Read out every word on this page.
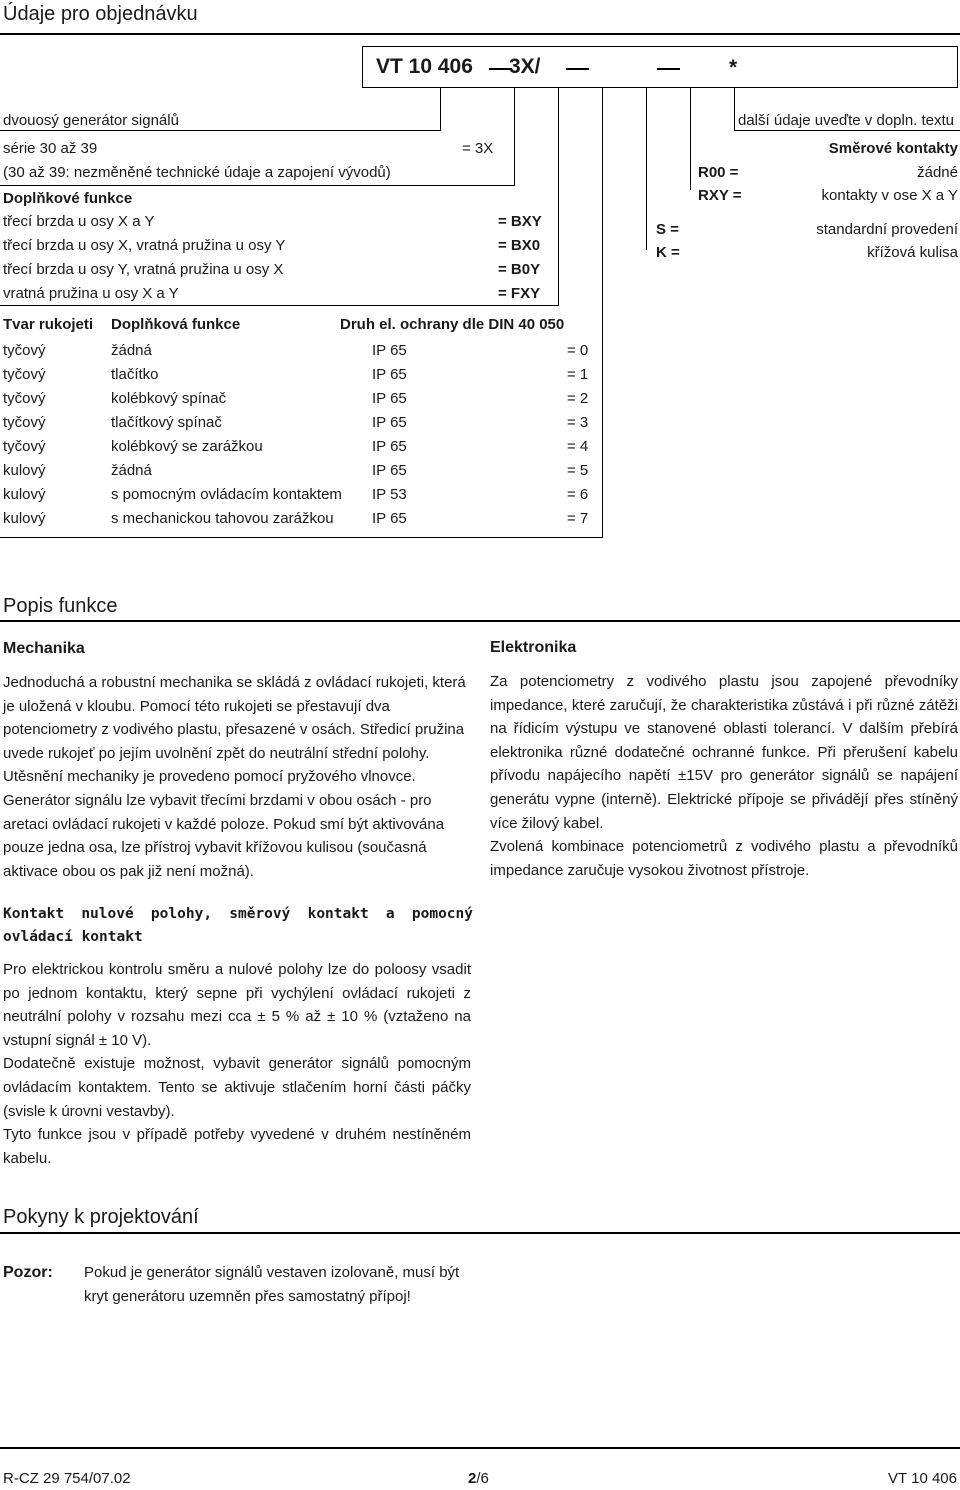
Údaje pro objednávku
VT 10 406 3X/	*
dvouosý generátor signálů
série 30 až 39	= 3X
(30 až 39: nezměněné technické údaje a zapojení vývodů)
Doplňkové funkce
třecí brzda u osy X a Y	= BXY
třecí brzda u osy X, vratná pružina u osy Y	= BX0
třecí brzda u osy Y, vratná pružina u osy X	= B0Y
vratná pružina u osy X a Y	= FXY
Tvar rukojeti Doplňková funkce	Druh el. ochrany dle DIN 40 050
tyčový	žádná	IP 65	= 0
tyčový	tlačítko	IP 65	= 1
tyčový	kolébkový spínač	IP 65	= 2
tyčový	tlačítkový spínač	IP 65	= 3
tyčový	kolébkový se zarážkou	IP 65	= 4
kulový	žádná	IP 65	= 5
kulový	s pomocným ovládacím kontaktem IP 53	= 6
kulový	s mechanickou tahovou zarážkou	IP 65	= 7
další údaje uveďte v dopln. textu
Směrové kontakty
R00 =	žádné
RXY =	kontakty v ose X a Y
S =	standardní provedení
K =	křížová kulisa
Popis funkce
Mechanika

Jednoduchá a robustní mechanika se skládá z ovládací rukojeti, která je uložená v kloubu. Pomocí této rukojeti se přestavují dva potenciometry z vodivého plastu, přesazené v osách. Středicí pružina uvede rukojeť po jejím uvolnění zpět do neutrální střední polohy. Utěsnění mechaniky je provedeno pomocí pryžového vlnovce. Generátor signálu lze vybavit třecími brzdami v obou osách - pro aretaci ovládací rukojeti v každé poloze. Pokud smí být aktivována pouze jedna osa, lze přístroj vybavit křížovou kulisou (současná aktivace obou os pak již není možná).

Elektronika

Za potenciometry z vodivého plastu jsou zapojené převodníky impedance, které zaručují, že charakteristika zůstává i při různé zátěži na řídicím výstupu ve stanovené oblasti tolerancí. V dalším přebírá elektronika různé dodatečné ochranné funkce. Při přerušení kabelu přívodu napájecího napětí ±15V pro generátor signálů se napájení generátu vypne (interně). Elektrické přípoje se přivádějí přes stíněný více žilový kabel.

Zvolená kombinace potenciometrů z vodivého plastu a převodníků impedance zaručuje vysokou životnost přístroje.

Kontakt nulové polohy, směrový kontakt a pomocný ovládací kontakt

Pro elektrickou kontrolu směru a nulové polohy lze do poloosy vsadit po jednom kontaktu, který sepne při vychýlení ovládací rukojeti z neutrální polohy v rozsahu mezi cca ± 5 % až ± 10 % (vztaženo na vstupní signál ± 10 V).

Dodatečně existuje možnost, vybavit generátor signálů pomocným ovládacím kontaktem. Tento se aktivuje stlačením horní části páčky (svisle k úrovni vestavby).

Tyto funkce jsou v případě potřeby vyvedené v druhém nestíněném kabelu.

Pokyny k projektování
Pozor: Pokud je generátor signálů vestaven izolovaně, musí být kryt generátoru uzemněn přes samostatný přípoj!
R-CZ 29 754/07.02	2/6	VT 10 406
